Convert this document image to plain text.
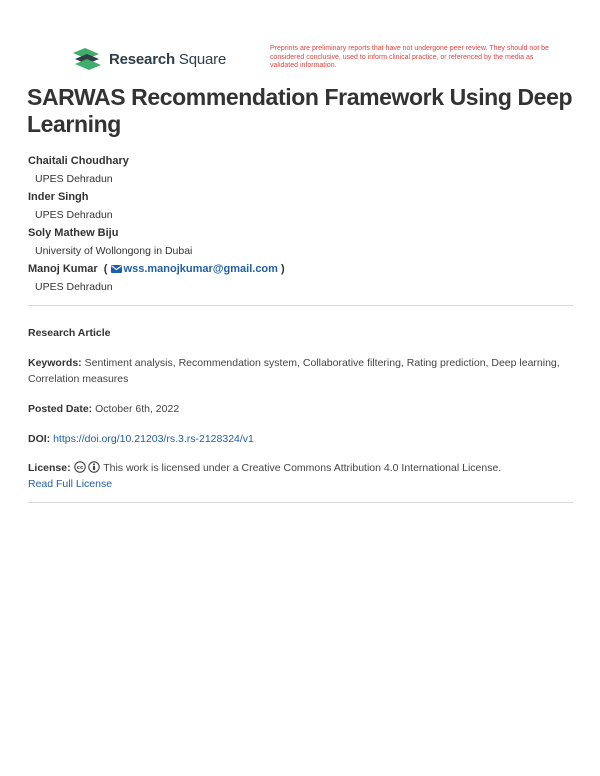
Research Square
Preprints are preliminary reports that have not undergone peer review. They should not be considered conclusive, used to inform clinical practice, or referenced by the media as validated information.
SARWAS Recommendation Framework Using Deep Learning
Chaitali Choudhary
UPES Dehradun
Inder Singh
UPES Dehradun
Soly Mathew Biju
University of Wollongong in Dubai
Manoj Kumar  ( wss.manojkumar@gmail.com )
UPES Dehradun
Research Article
Keywords: Sentiment analysis, Recommendation system, Collaborative filtering, Rating prediction, Deep learning, Correlation measures
Posted Date: October 6th, 2022
DOI: https://doi.org/10.21203/rs.3.rs-2128324/v1
License: cc This work is licensed under a Creative Commons Attribution 4.0 International License.
Read Full License
